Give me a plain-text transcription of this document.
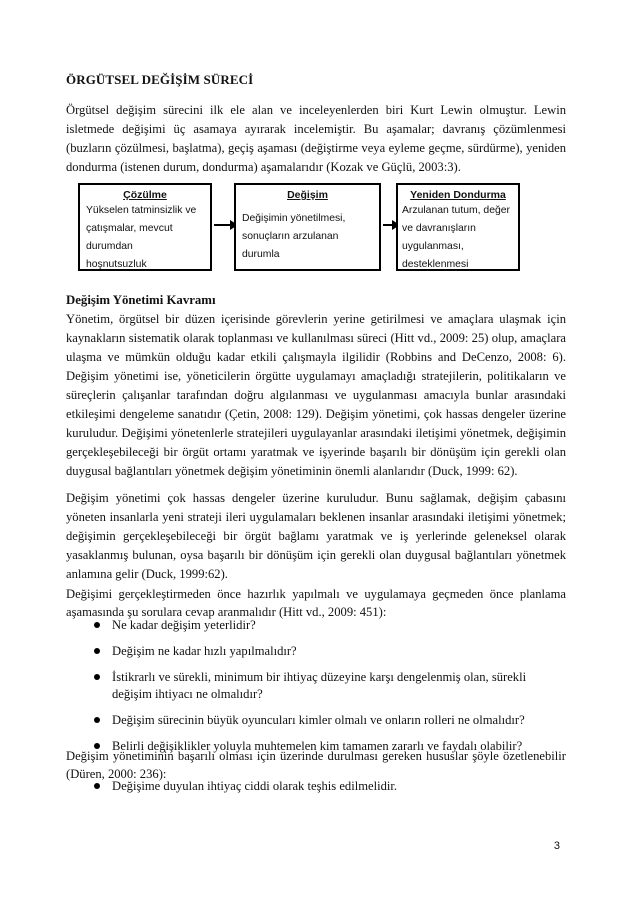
ÖRGÜTSEL DEĞİŞİM SÜRECİ
Örgütsel değişim sürecini ilk ele alan ve inceleyenlerden biri Kurt Lewin olmuştur. Lewin isletmede değişimi üç asamaya ayırarak incelemiştir. Bu aşamalar; davranış çözümlenmesi (buzların çözülmesi, başlatma), geçiş aşaması (değiştirme veya eyleme geçme, sürdürme), yeniden dondurma (istenen durum, dondurma) aşamalarıdır (Kozak ve Güçlü, 2003:3).
Çözülme
Yükselen tatminsizlik ve
çatışmalar, mevcut
durumdan
hoşnutsuzluk
Değişim
Değişimin yönetilmesi,
sonuçların arzulanan
durumla
Yeniden Dondurma
Arzulanan tutum, değer
ve davranışların
uygulanması,
desteklenmesi
Değişim Yönetimi Kavramı
Yönetim, örgütsel bir düzen içerisinde görevlerin yerine getirilmesi ve amaçlara ulaşmak için kaynakların sistematik olarak toplanması ve kullanılması süreci (Hitt vd., 2009: 25) olup, amaçlara ulaşma ve mümkün olduğu kadar etkili çalışmayla ilgilidir (Robbins and DeCenzo, 2008: 6). Değişim yönetimi ise, yöneticilerin örgütte uygulamayı amaçladığı stratejilerin, politikaların ve süreçlerin çalışanlar tarafından doğru algılanması ve uygulanması amacıyla bunlar arasındaki etkileşimi dengeleme sanatıdır (Çetin, 2008: 129). Değişim yönetimi, çok hassas dengeler üzerine kuruludur. Değişimi yönetenlerle stratejileri uygulayanlar arasındaki iletişimi yönetmek, değişimin gerçekleşebileceği bir örgüt ortamı yaratmak ve işyerinde başarılı bir dönüşüm için gerekli olan duygusal bağlantıları yönetmek değişim yönetiminin önemli alanlarıdır (Duck, 1999: 62).
Değişim yönetimi çok hassas dengeler üzerine kuruludur. Bunu sağlamak, değişim çabasını yöneten insanlarla yeni strateji ileri uygulamaları beklenen insanlar arasındaki iletişimi yönetmek; değişimin gerçekleşebileceği bir örgüt bağlamı yaratmak ve iş yerlerinde geleneksel olarak yasaklanmış bulunan, oysa başarılı bir dönüşüm için gerekli olan duygusal bağlantıları yönetmek anlamına gelir (Duck, 1999:62).
Değişimi gerçekleştirmeden önce hazırlık yapılmalı ve uygulamaya geçmeden önce planlama aşamasında şu sorulara cevap aranmalıdır (Hitt vd., 2009: 451):
Ne kadar değişim yeterlidir?
Değişim ne kadar hızlı yapılmalıdır?
İstikrarlı ve sürekli, minimum bir ihtiyaç düzeyine karşı dengelenmiş olan, sürekli değişim ihtiyacı ne olmalıdır?
Değişim sürecinin büyük oyuncuları kimler olmalı ve onların rolleri ne olmalıdır?
Belirli değişiklikler yoluyla muhtemelen kim tamamen zararlı ve faydalı olabilir?
Değişim yönetiminin başarılı olması için üzerinde durulması gereken hususlar şöyle özetlenebilir (Düren, 2000: 236):
Değişime duyulan ihtiyaç ciddi olarak teşhis edilmelidir.
3
